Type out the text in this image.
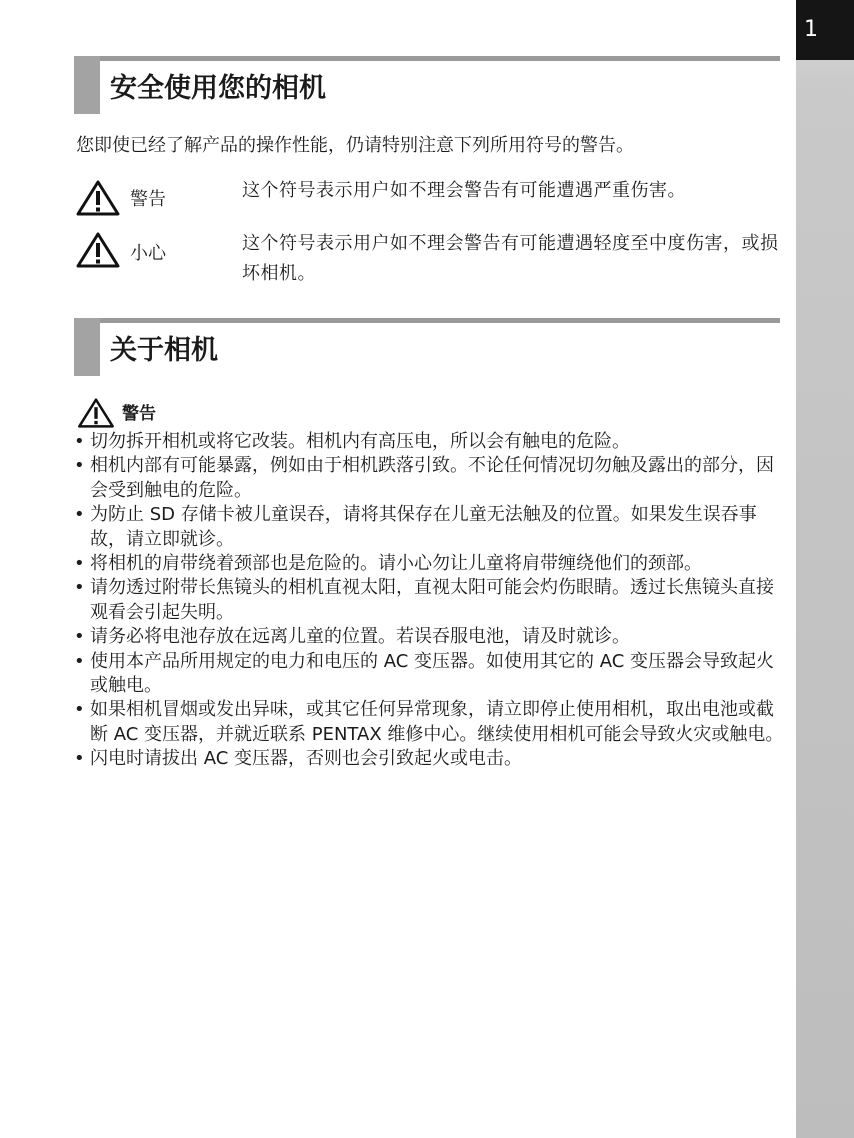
1
安全使用您的相机
您即使已经了解产品的操作性能，仍请特别注意下列所用符号的警告。
警告	这个符号表示用户如不理会警告有可能遭遇严重伤害。
小心	这个符号表示用户如不理会警告有可能遭遇轻度至中度伤害，或损坏相机。
关于相机
警告
• 切勿拆开相机或将它改装。相机内有高压电，所以会有触电的危险。
• 相机内部有可能暴露，例如由于相机跌落引致。不论任何情况切勿触及露出的部分，因会受到触电的危险。
• 为防止 SD 存储卡被儿童误吞，请将其保存在儿童无法触及的位置。如果发生误吞事故，请立即就诊。
• 将相机的肩带绕着颈部也是危险的。请小心勿让儿童将肩带缠绕他们的颈部。
• 请勿透过附带长焦镜头的相机直视太阳，直视太阳可能会灼伤眼睛。透过长焦镜头直接观看会引起失明。
• 请务必将电池存放在远离儿童的位置。若误吞服电池，请及时就诊。
• 使用本产品所用规定的电力和电压的 AC 变压器。如使用其它的 AC 变压器会导致起火或触电。
• 如果相机冒烟或发出异味，或其它任何异常现象，请立即停止使用相机，取出电池或截断 AC 变压器，并就近联系 PENTAX 维修中心。继续使用相机可能会导致火灾或触电。
• 闪电时请拔出 AC 变压器，否则也会引致起火或电击。
